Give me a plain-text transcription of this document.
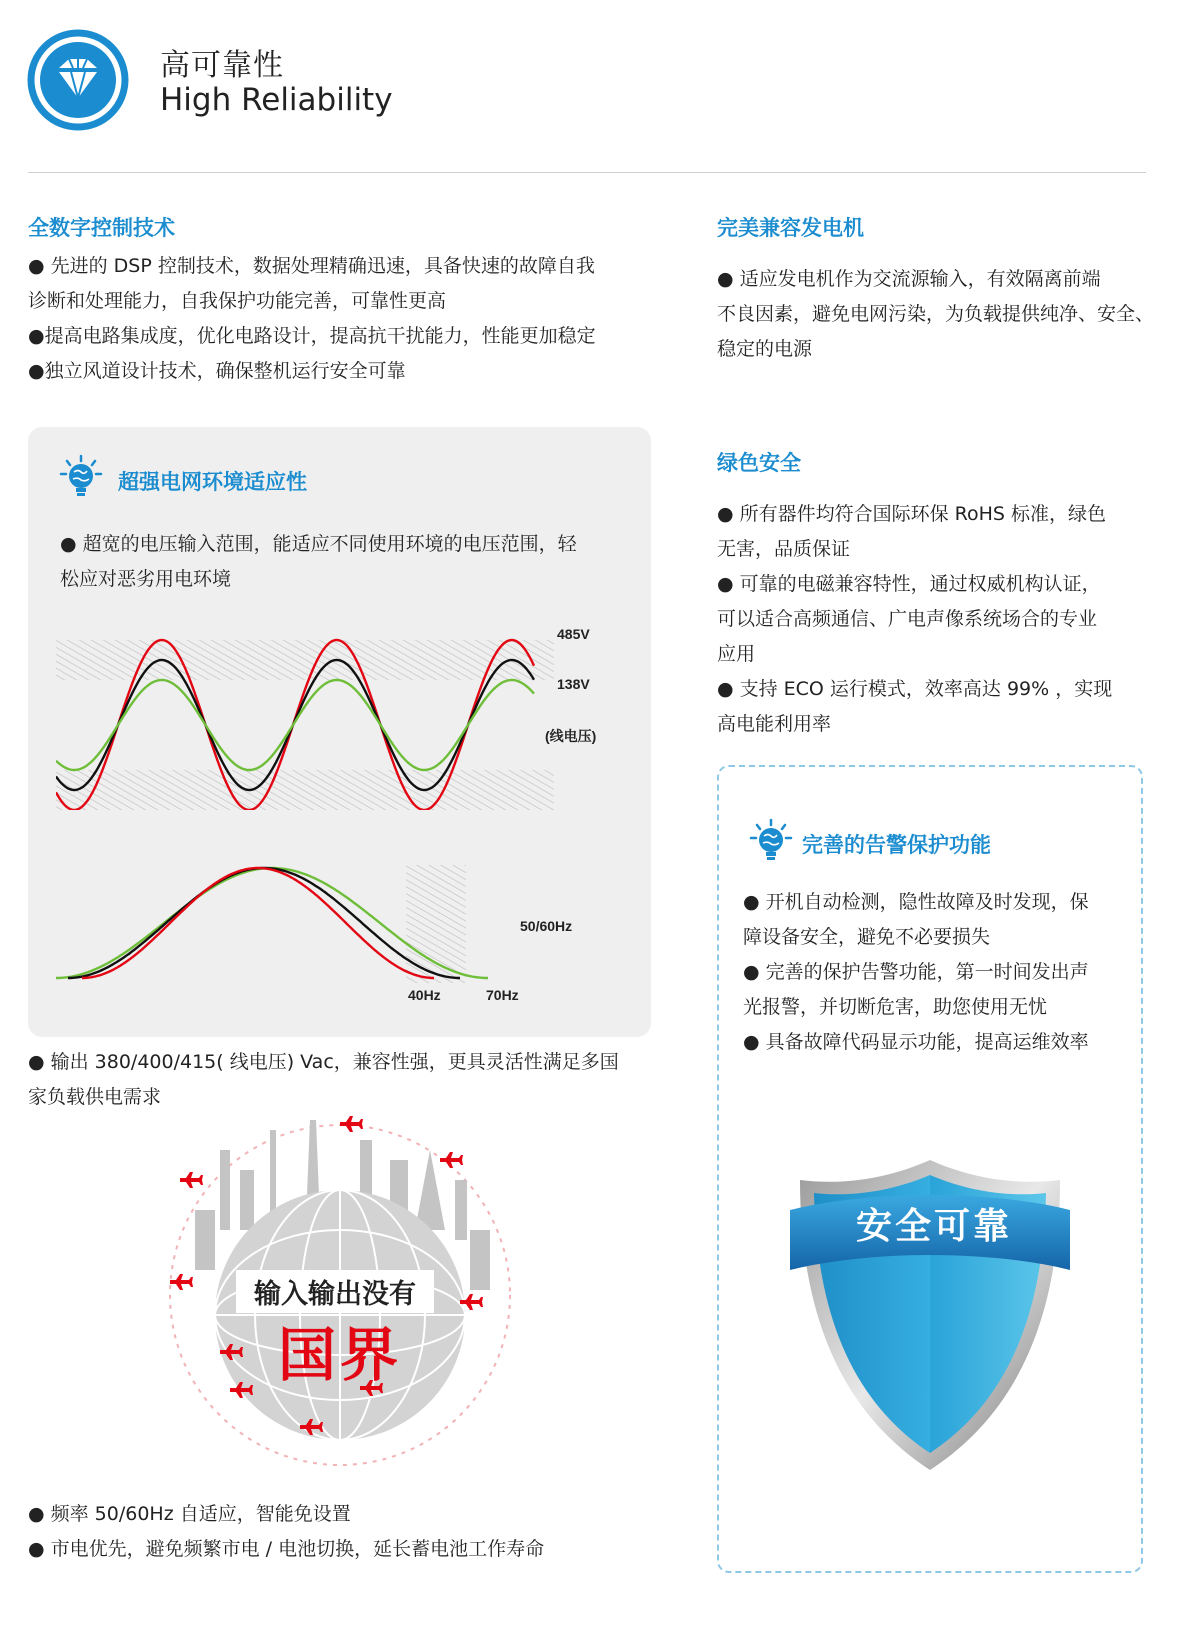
高可靠性
High Reliability
全数字控制技术

● 先进的 DSP 控制技术，数据处理精确迅速，具备快速的故障自我

诊断和处理能力，自我保护功能完善，可靠性更高

●提高电路集成度，优化电路设计，提高抗干扰能力，性能更加稳定

●独立风道设计技术，确保整机运行安全可靠

超强电网环境适应性

● 超宽的电压输入范围，能适应不同使用环境的电压范围，轻

松应对恶劣用电环境

485V
138V
(线电压)
50/60Hz
40Hz	70Hz

● 输出 380/400/415( 线电压) Vac，兼容性强，更具灵活性满足多国

家负载供电需求

输入输出没有
国界

● 频率 50/60Hz 自适应，智能免设置

● 市电优先，避免频繁市电 / 电池切换，延长蓄电池工作寿命

完美兼容发电机

● 适应发电机作为交流源输入，有效隔离前端

不良因素，避免电网污染，为负载提供纯净、安全、

稳定的电源

绿色安全

● 所有器件均符合国际环保 RoHS 标准，绿色

无害，品质保证

● 可靠的电磁兼容特性，通过权威机构认证，

可以适合高频通信、广电声像系统场合的专业

应用

● 支持 ECO 运行模式，效率高达 99% ，实现

高电能利用率

完善的告警保护功能

● 开机自动检测，隐性故障及时发现，保

障设备安全，避免不必要损失

● 完善的保护告警功能，第一时间发出声

光报警，并切断危害，助您使用无忧

● 具备故障代码显示功能，提高运维效率

安全可靠
